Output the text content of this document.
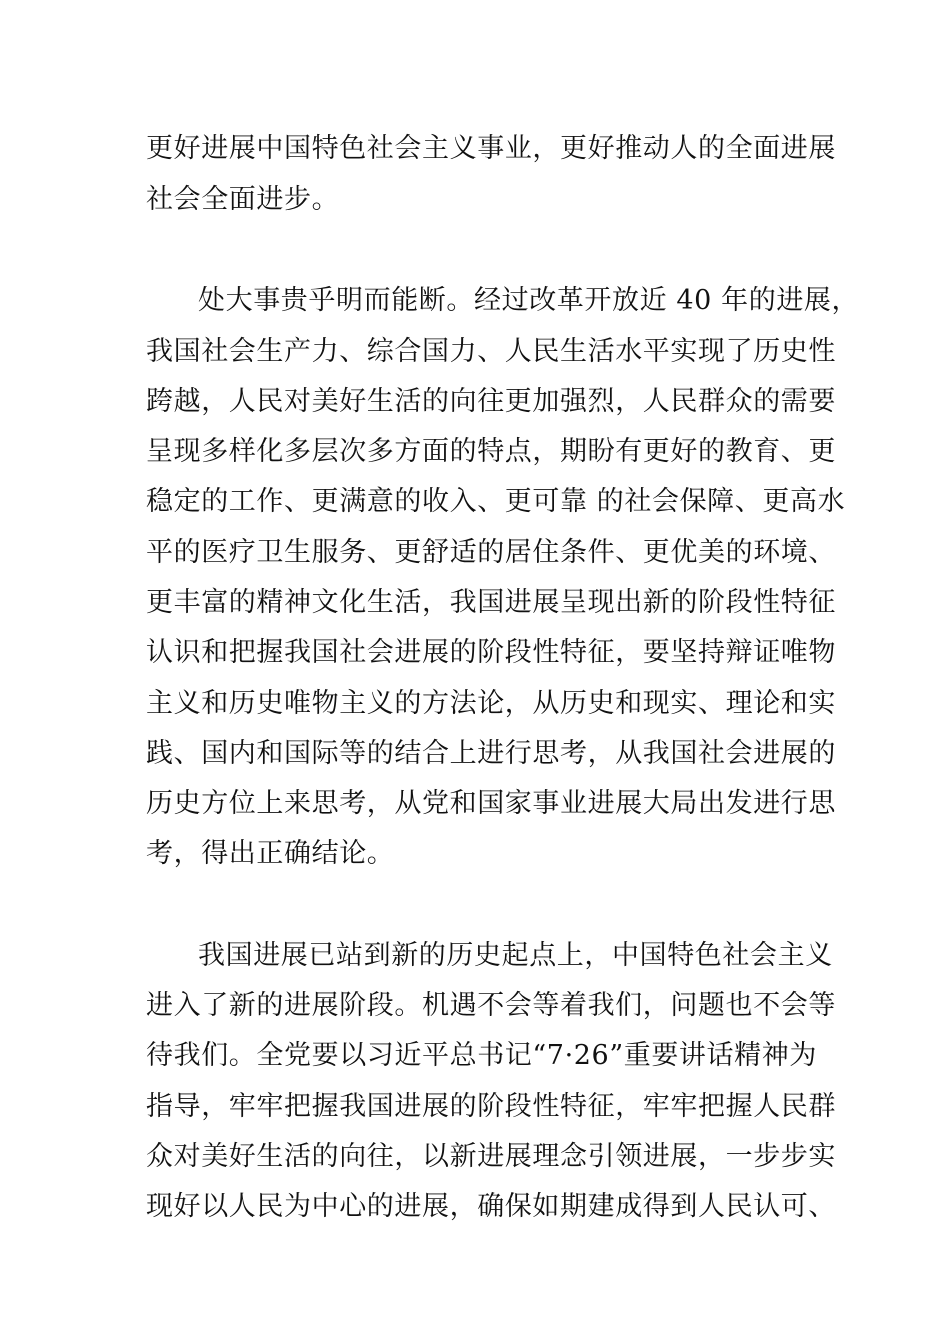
更好进展中国特色社会主义事业，更好推动人的全面进展
社会全面进步。
处大事贵乎明而能断。经过改革开放近 40 年的进展，
我国社会生产力、综合国力、人民生活水平实现了历史性
跨越，人民对美好生活的向往更加强烈，人民群众的需要
呈现多样化多层次多方面的特点，期盼有更好的教育、更
稳定的工作、更满意的收入、更可靠 的社会保障、更高水
平的医疗卫生服务、更舒适的居住条件、更优美的环境、
更丰富的精神文化生活，我国进展呈现出新的阶段性特征
认识和把握我国社会进展的阶段性特征，要坚持辩证唯物
主义和历史唯物主义的方法论，从历史和现实、理论和实
践、国内和国际等的结合上进行思考，从我国社会进展的
历史方位上来思考，从党和国家事业进展大局出发进行思
考，得出正确结论。
我国进展已站到新的历史起点上，中国特色社会主义
进入了新的进展阶段。机遇不会等着我们，问题也不会等
待我们。全党要以习近平总书记“7·26”重要讲话精神为
指导，牢牢把握我国进展的阶段性特征，牢牢把握人民群
众对美好生活的向往，以新进展理念引领进展，一步步实
现好以人民为中心的进展，确保如期建成得到人民认可、
